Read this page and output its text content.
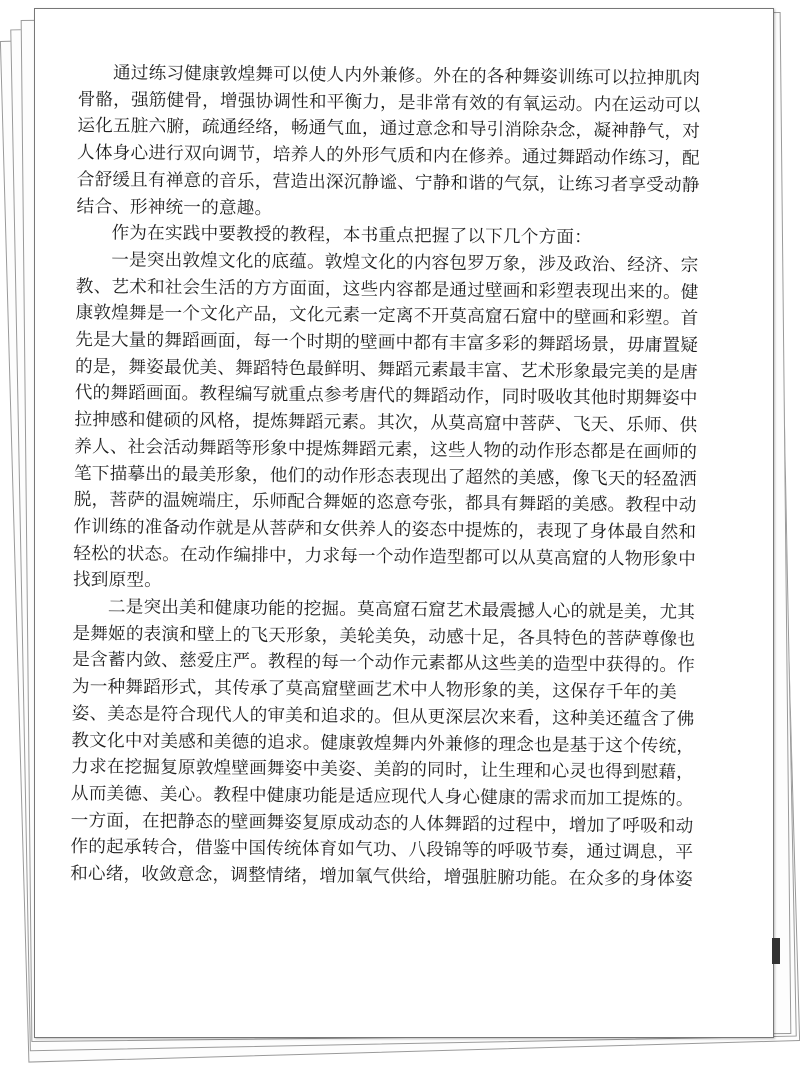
通过练习健康敦煌舞可以使人内外兼修。外在的各种舞姿训练可以拉抻肌肉

骨骼，强筋健骨，增强协调性和平衡力，是非常有效的有氧运动。内在运动可以

运化五脏六腑，疏通经络，畅通气血，通过意念和导引消除杂念，凝神静气，对

人体身心进行双向调节，培养人的外形气质和内在修养。通过舞蹈动作练习，配

合舒缓且有禅意的音乐，营造出深沉静谧、宁静和谐的气氛，让练习者享受动静

结合、形神统一的意趣。

作为在实践中要教授的教程，本书重点把握了以下几个方面：

一是突出敦煌文化的底蕴。敦煌文化的内容包罗万象，涉及政治、经济、宗

教、艺术和社会生活的方方面面，这些内容都是通过壁画和彩塑表现出来的。健

康敦煌舞是一个文化产品，文化元素一定离不开莫高窟石窟中的壁画和彩塑。首

先是大量的舞蹈画面，每一个时期的壁画中都有丰富多彩的舞蹈场景，毋庸置疑

的是，舞姿最优美、舞蹈特色最鲜明、舞蹈元素最丰富、艺术形象最完美的是唐

代的舞蹈画面。教程编写就重点参考唐代的舞蹈动作，同时吸收其他时期舞姿中

拉抻感和健硕的风格，提炼舞蹈元素。其次，从莫高窟中菩萨、飞天、乐师、供

养人、社会活动舞蹈等形象中提炼舞蹈元素，这些人物的动作形态都是在画师的

笔下描摹出的最美形象，他们的动作形态表现出了超然的美感，像飞天的轻盈洒

脱，菩萨的温婉端庄，乐师配合舞姬的恣意夸张，都具有舞蹈的美感。教程中动

作训练的准备动作就是从菩萨和女供养人的姿态中提炼的，表现了身体最自然和

轻松的状态。在动作编排中，力求每一个动作造型都可以从莫高窟的人物形象中

找到原型。

二是突出美和健康功能的挖掘。莫高窟石窟艺术最震撼人心的就是美，尤其

是舞姬的表演和壁上的飞天形象，美轮美奂，动感十足，各具特色的菩萨尊像也

是含蓄内敛、慈爱庄严。教程的每一个动作元素都从这些美的造型中获得的。作

为一种舞蹈形式，其传承了莫高窟壁画艺术中人物形象的美，这保存千年的美

姿、美态是符合现代人的审美和追求的。但从更深层次来看，这种美还蕴含了佛

教文化中对美感和美德的追求。健康敦煌舞内外兼修的理念也是基于这个传统，

力求在挖掘复原敦煌壁画舞姿中美姿、美韵的同时，让生理和心灵也得到慰藉，

从而美德、美心。教程中健康功能是适应现代人身心健康的需求而加工提炼的。

一方面，在把静态的壁画舞姿复原成动态的人体舞蹈的过程中，增加了呼吸和动

作的起承转合，借鉴中国传统体育如气功、八段锦等的呼吸节奏，通过调息，平

和心绪，收敛意念，调整情绪，增加氧气供给，增强脏腑功能。在众多的身体姿
